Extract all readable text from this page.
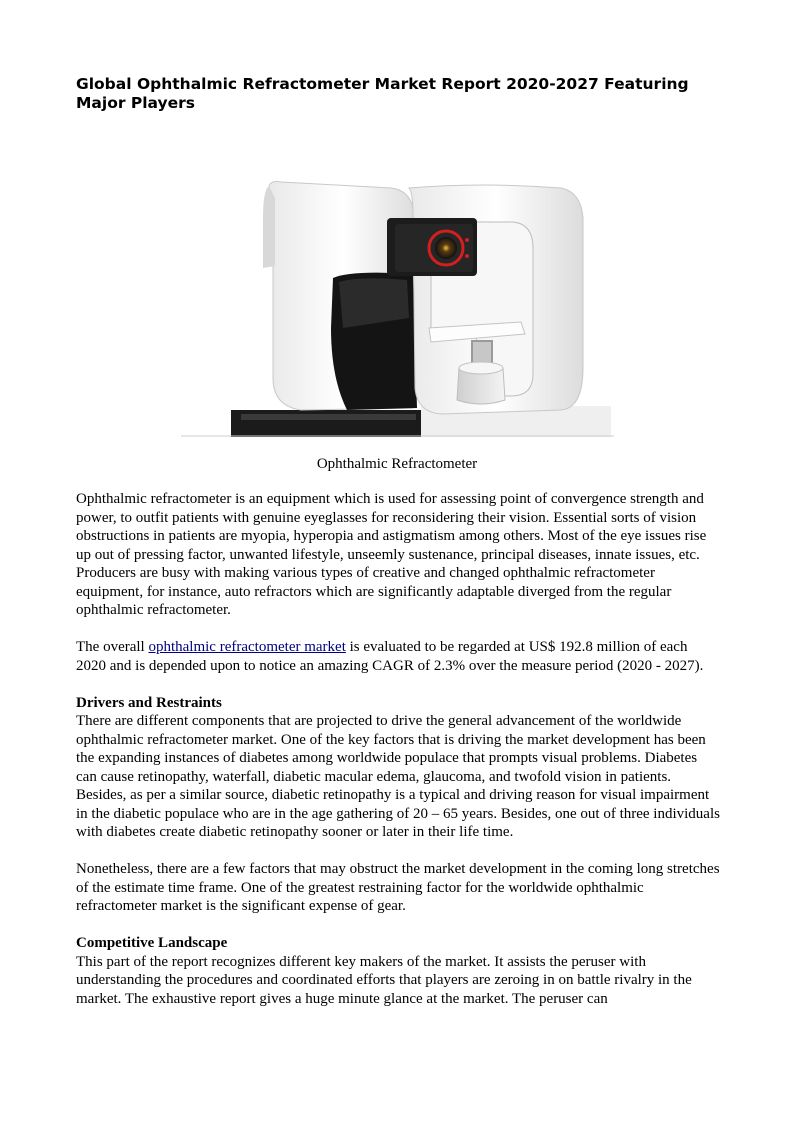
Global Ophthalmic Refractometer Market Report 2020-2027 Featuring Major Players
Ophthalmic Refractometer

Ophthalmic refractometer is an equipment which is used for assessing point of convergence strength and power, to outfit patients with genuine eyeglasses for reconsidering their vision. Essential sorts of vision obstructions in patients are myopia, hyperopia and astigmatism among others. Most of the eye issues rise up out of pressing factor, unwanted lifestyle, unseemly sustenance, principal diseases, innate issues, etc. Producers are busy with making various types of creative and changed ophthalmic refractometer equipment, for instance, auto refractors which are significantly adaptable diverged from the regular ophthalmic refractometer.

The overall ophthalmic refractometer market is evaluated to be regarded at US$ 192.8 million of each 2020 and is depended upon to notice an amazing CAGR of 2.3% over the measure period (2020 - 2027).

Drivers and Restraints

There are different components that are projected to drive the general advancement of the worldwide ophthalmic refractometer market. One of the key factors that is driving the market development has been the expanding instances of diabetes among worldwide populace that prompts visual problems. Diabetes can cause retinopathy, waterfall, diabetic macular edema, glaucoma, and twofold vision in patients. Besides, as per a similar source, diabetic retinopathy is a typical and driving reason for visual impairment in the diabetic populace who are in the age gathering of 20 – 65 years. Besides, one out of three individuals with diabetes create diabetic retinopathy sooner or later in their life time.

Nonetheless, there are a few factors that may obstruct the market development in the coming long stretches of the estimate time frame. One of the greatest restraining factor for the worldwide ophthalmic refractometer market is the significant expense of gear.

Competitive Landscape

This part of the report recognizes different key makers of the market. It assists the peruser with understanding the procedures and coordinated efforts that players are zeroing in on battle rivalry in the market. The exhaustive report gives a huge minute glance at the market. The peruser can
